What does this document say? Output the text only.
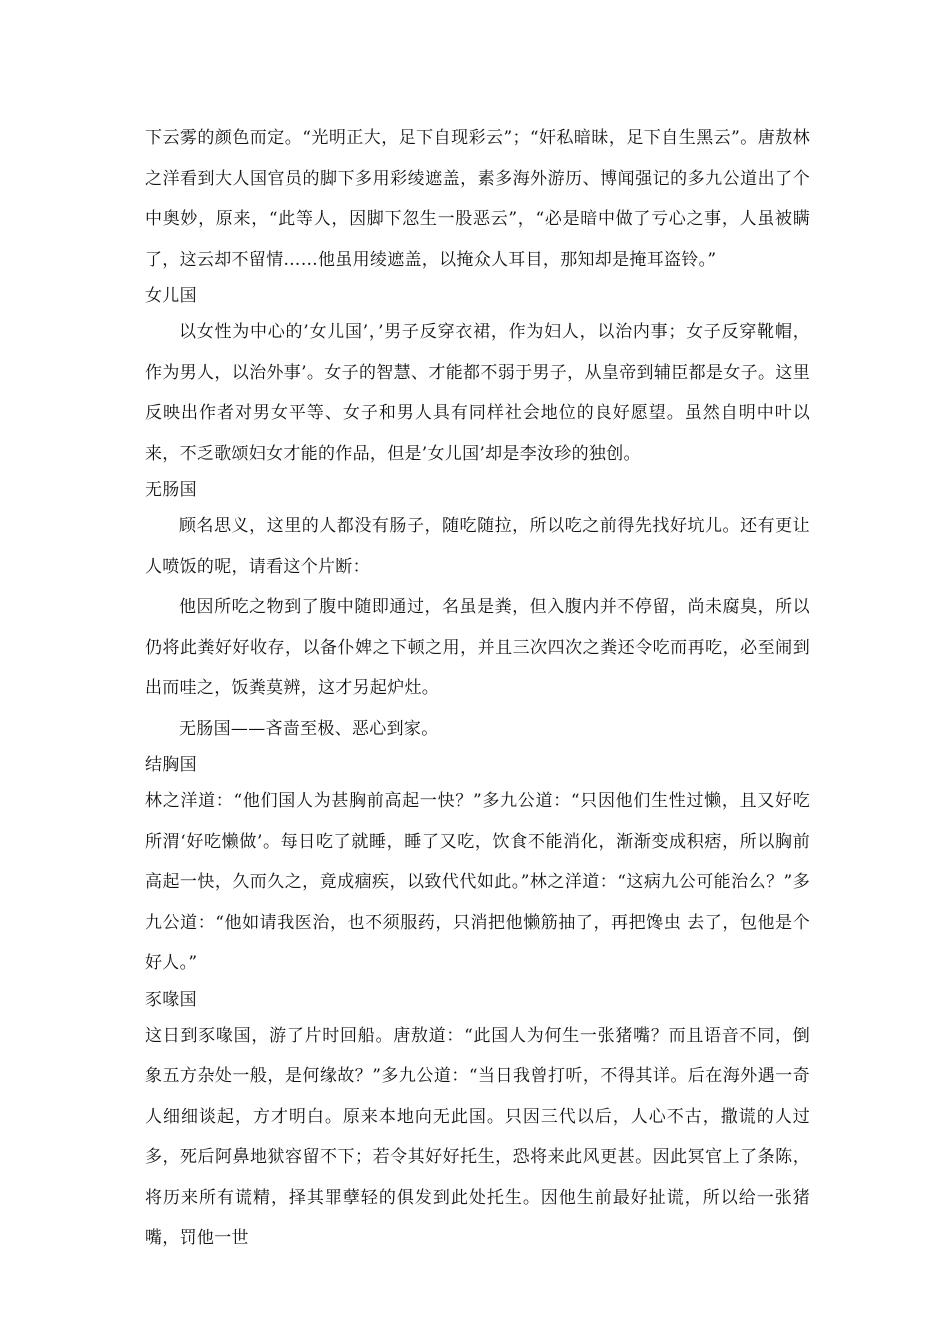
下云雾的颜色而定。“光明正大，足下自现彩云”；“奸私暗昧，足下自生黑云”。唐敖林之洋看到大人国官员的脚下多用彩绫遮盖，素多海外游历、博闻强记的多九公道出了个中奥妙，原来，“此等人，因脚下忽生一股恶云”，“必是暗中做了亏心之事，人虽被瞒了，这云却不留情……他虽用绫遮盖，以掩众人耳目，那知却是掩耳盗铃。”

女儿国

以女性为中心的’女儿国’，’男子反穿衣裙，作为妇人，以治内事；女子反穿靴帽，作为男人，以治外事’。女子的智慧、才能都不弱于男子，从皇帝到辅臣都是女子。这里反映出作者对男女平等、女子和男人具有同样社会地位的良好愿望。虽然自明中叶以来，不乏歌颂妇女才能的作品，但是’女儿国’却是李汝珍的独创。

无肠国

顾名思义，这里的人都没有肠子，随吃随拉，所以吃之前得先找好坑儿。还有更让人喷饭的呢，请看这个片断：

他因所吃之物到了腹中随即通过，名虽是粪，但入腹内并不停留，尚未腐臭，所以仍将此粪好好收存，以备仆婢之下顿之用，并且三次四次之粪还令吃而再吃，必至闹到出而哇之，饭粪莫辨，这才另起炉灶。

无肠国——吝啬至极、恶心到家。

结胸国

林之洋道：“他们国人为甚胸前高起一快？”多九公道：“只因他们生性过懒，且又好吃所渭‘好吃懒做’。每日吃了就睡，睡了又吃，饮食不能消化，渐渐变成积痞，所以胸前高起一快，久而久之，竟成痼疾，以致代代如此。”林之洋道：“这病九公可能治么？”多九公道：“他如请我医治，也不须服药，只消把他懒筋抽了，再把馋虫 去了，包他是个好人。”

豕喙国

这日到豕喙国，游了片时回船。唐敖道：“此国人为何生一张猪嘴？而且语音不同，倒象五方杂处一般，是何缘故？”多九公道：“当日我曾打听，不得其详。后在海外遇一奇人细细谈起，方才明白。原来本地向无此国。只因三代以后，人心不古，撒谎的人过多，死后阿鼻地狱容留不下；若令其好好托生，恐将来此风更甚。因此冥官上了条陈，将历来所有谎精，择其罪孽轻的俱发到此处托生。因他生前最好扯谎，所以给一张猪嘴，罚他一世
